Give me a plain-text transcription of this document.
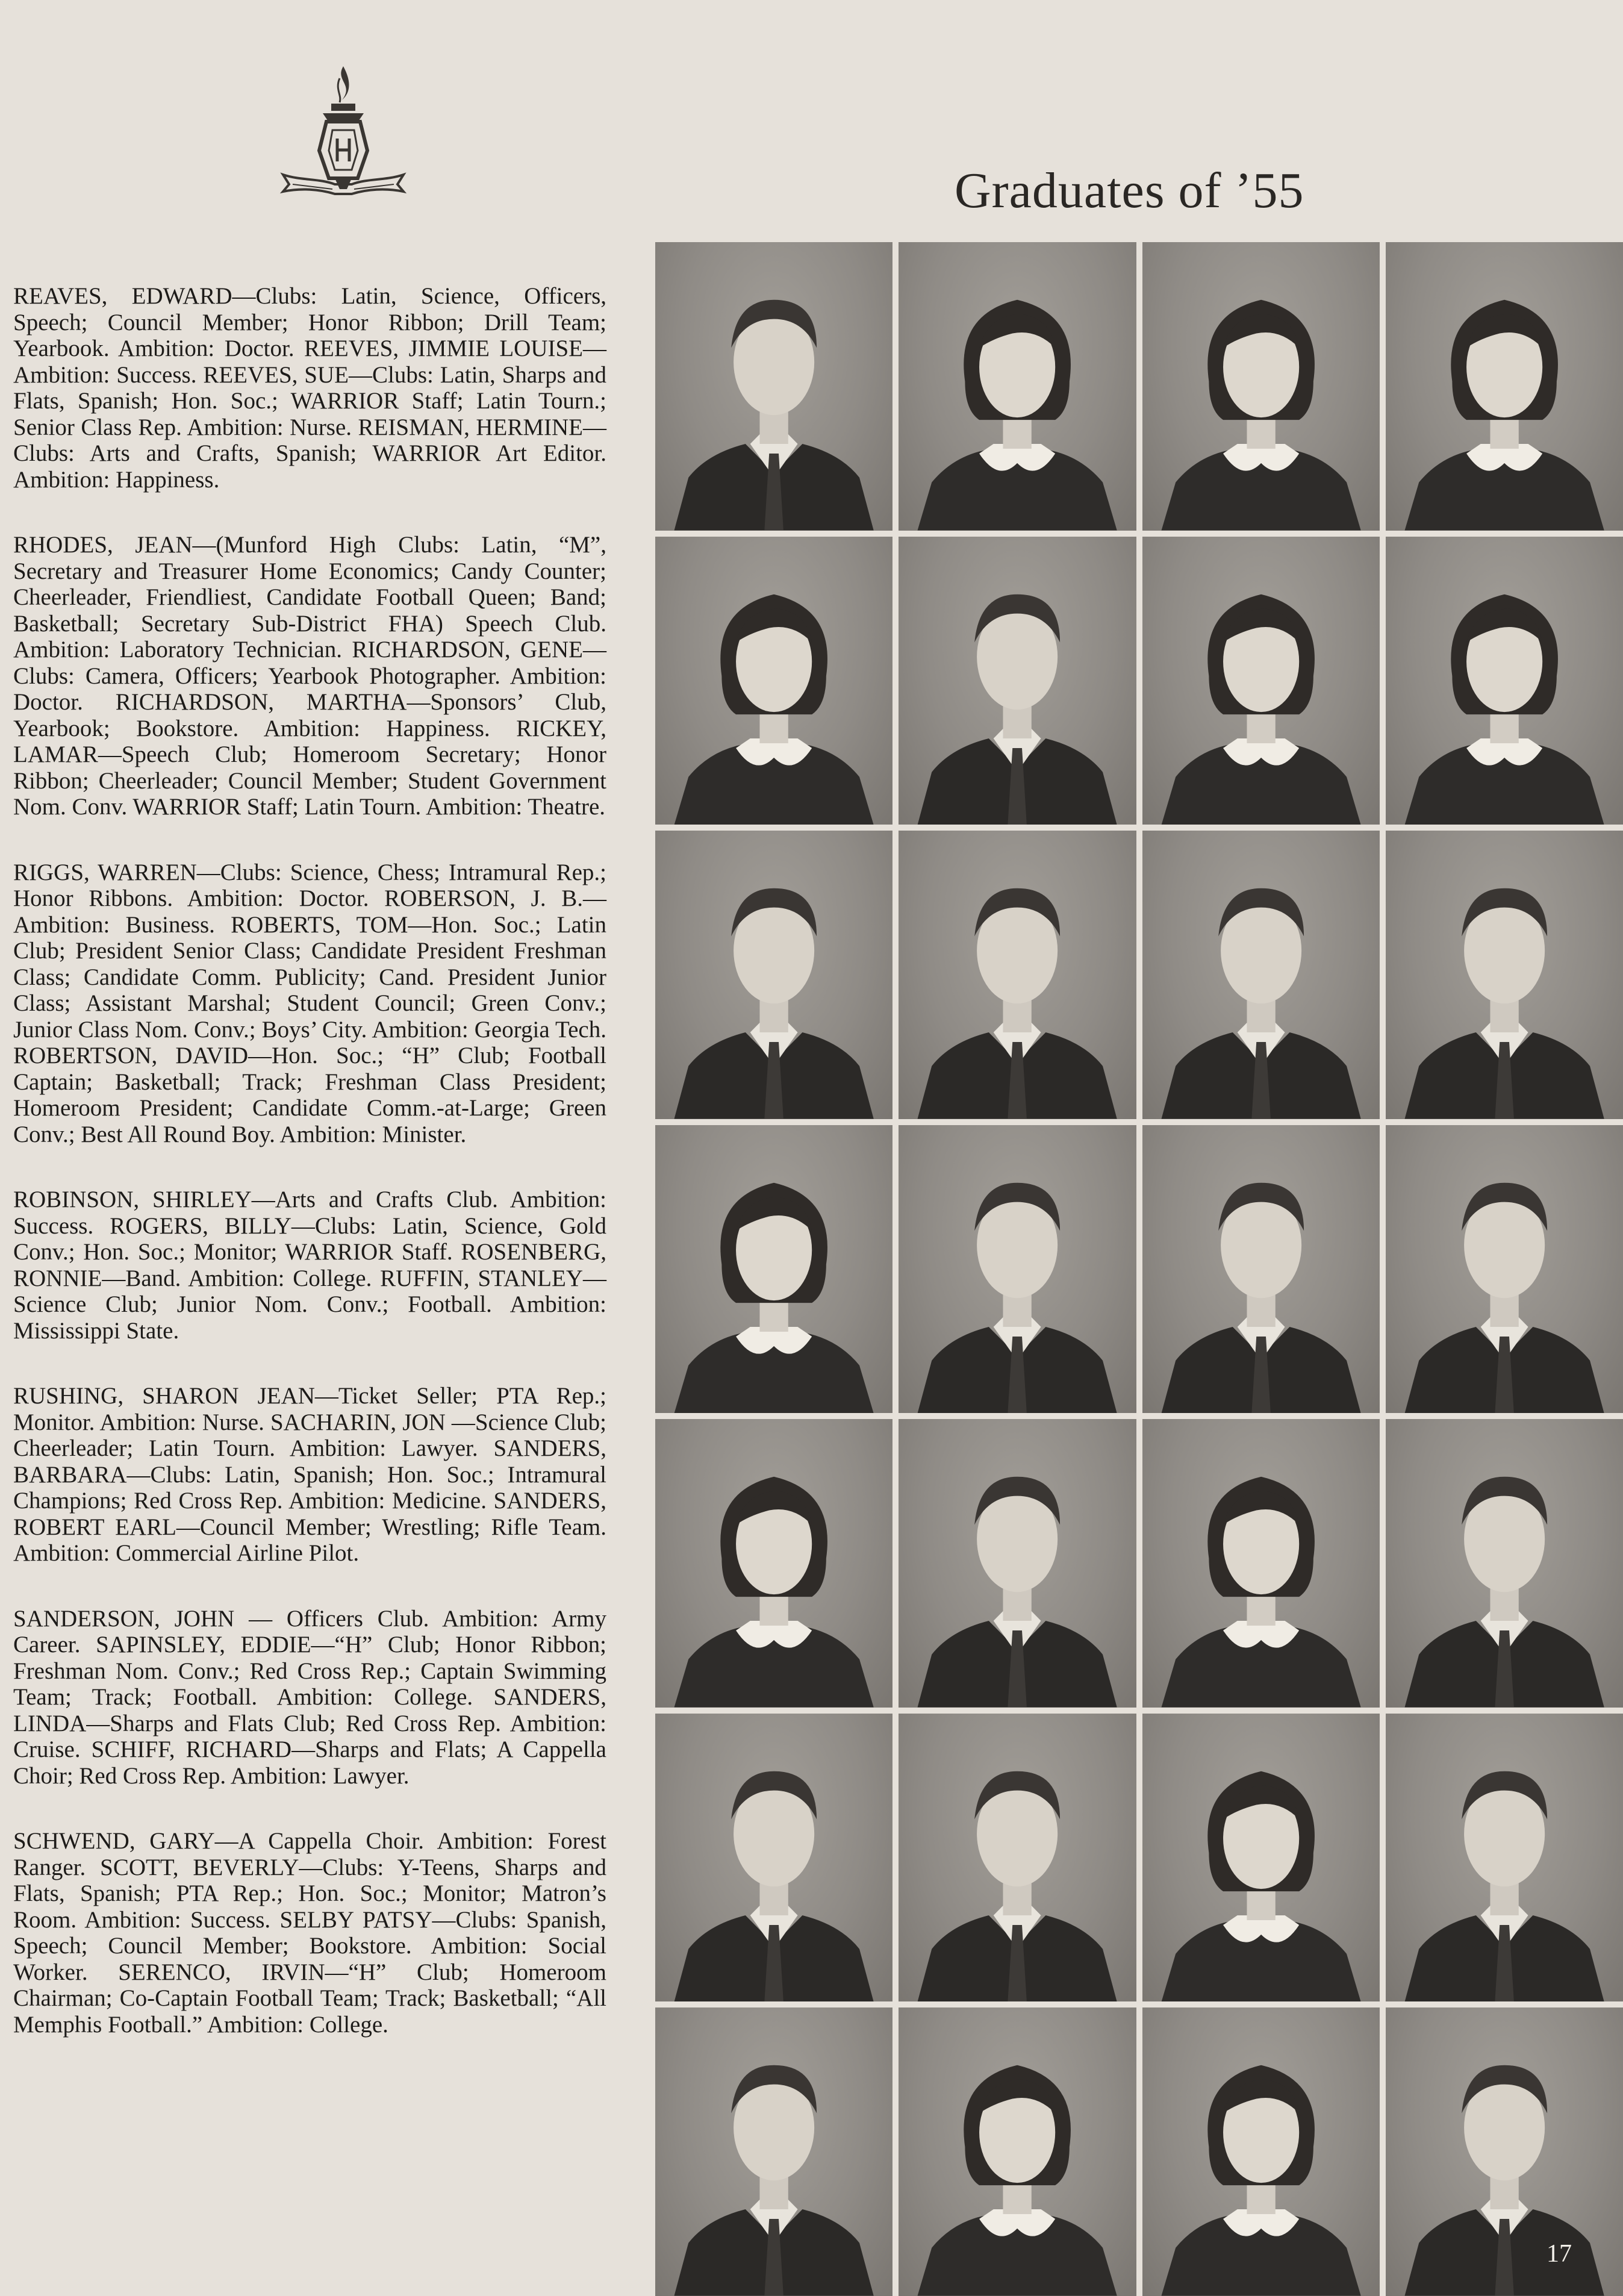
Graduates of ’55

REAVES, EDWARD—Clubs: Latin, Science, Officers, Speech; Council Member; Honor Ribbon; Drill Team; Yearbook. Ambition: Doctor. REEVES, JIMMIE LOUISE—Ambition: Success. REEVES, SUE—Clubs: Latin, Sharps and Flats, Spanish; Hon. Soc.; WARRIOR Staff; Latin Tourn.; Senior Class Rep. Ambition: Nurse. REISMAN, HERMINE—Clubs: Arts and Crafts, Spanish; WARRIOR Art Editor. Ambition: Happiness.

RHODES, JEAN—(Munford High Clubs: Latin, “M”, Secretary and Treasurer Home Economics; Candy Counter; Cheerleader, Friendliest, Candidate Football Queen; Band; Basketball; Secretary Sub-District FHA) Speech Club. Ambition: Laboratory Technician. RICHARDSON, GENE—Clubs: Camera, Officers; Yearbook Photographer. Ambition: Doctor. RICHARDSON, MARTHA—Sponsors’ Club, Yearbook; Bookstore. Ambition: Happiness. RICKEY, LAMAR—Speech Club; Homeroom Secretary; Honor Ribbon; Cheerleader; Council Member; Student Government Nom. Conv. WARRIOR Staff; Latin Tourn. Ambition: Theatre.

RIGGS, WARREN—Clubs: Science, Chess; Intramural Rep.; Honor Ribbons. Ambition: Doctor. ROBERSON, J. B.—Ambition: Business. ROBERTS, TOM—Hon. Soc.; Latin Club; President Senior Class; Candidate President Freshman Class; Candidate Comm. Publicity; Cand. President Junior Class; Assistant Marshal; Student Council; Green Conv.; Junior Class Nom. Conv.; Boys’ City. Ambition: Georgia Tech. ROBERTSON, DAVID—Hon. Soc.; “H” Club; Football Captain; Basketball; Track; Freshman Class President; Homeroom President; Candidate Comm.-at-Large; Green Conv.; Best All Round Boy. Ambition: Minister.

ROBINSON, SHIRLEY—Arts and Crafts Club. Ambition: Success. ROGERS, BILLY—Clubs: Latin, Science, Gold Conv.; Hon. Soc.; Monitor; WARRIOR Staff. ROSENBERG, RONNIE—Band. Ambition: College. RUFFIN, STANLEY—Science Club; Junior Nom. Conv.; Football. Ambition: Mississippi State.

RUSHING, SHARON JEAN—Ticket Seller; PTA Rep.; Monitor. Ambition: Nurse. SACHARIN, JON —Science Club; Cheerleader; Latin Tourn. Ambition: Lawyer. SANDERS, BARBARA—Clubs: Latin, Spanish; Hon. Soc.; Intramural Champions; Red Cross Rep. Ambition: Medicine. SANDERS, ROBERT EARL—Council Member; Wrestling; Rifle Team. Ambition: Commercial Airline Pilot.

SANDERSON, JOHN — Officers Club. Ambition: Army Career. SAPINSLEY, EDDIE—“H” Club; Honor Ribbon; Freshman Nom. Conv.; Red Cross Rep.; Captain Swimming Team; Track; Football. Ambition: College. SANDERS, LINDA—Sharps and Flats Club; Red Cross Rep. Ambition: Cruise. SCHIFF, RICHARD—Sharps and Flats; A Cappella Choir; Red Cross Rep. Ambition: Lawyer.

SCHWEND, GARY—A Cappella Choir. Ambition: Forest Ranger. SCOTT, BEVERLY—Clubs: Y-Teens, Sharps and Flats, Spanish; PTA Rep.; Hon. Soc.; Monitor; Matron’s Room. Ambition: Success. SELBY PATSY—Clubs: Spanish, Speech; Council Member; Bookstore. Ambition: Social Worker. SERENCO, IRVIN—“H” Club; Homeroom Chairman; Co-Captain Football Team; Track; Basketball; “All Memphis Football.” Ambition: College.

17
